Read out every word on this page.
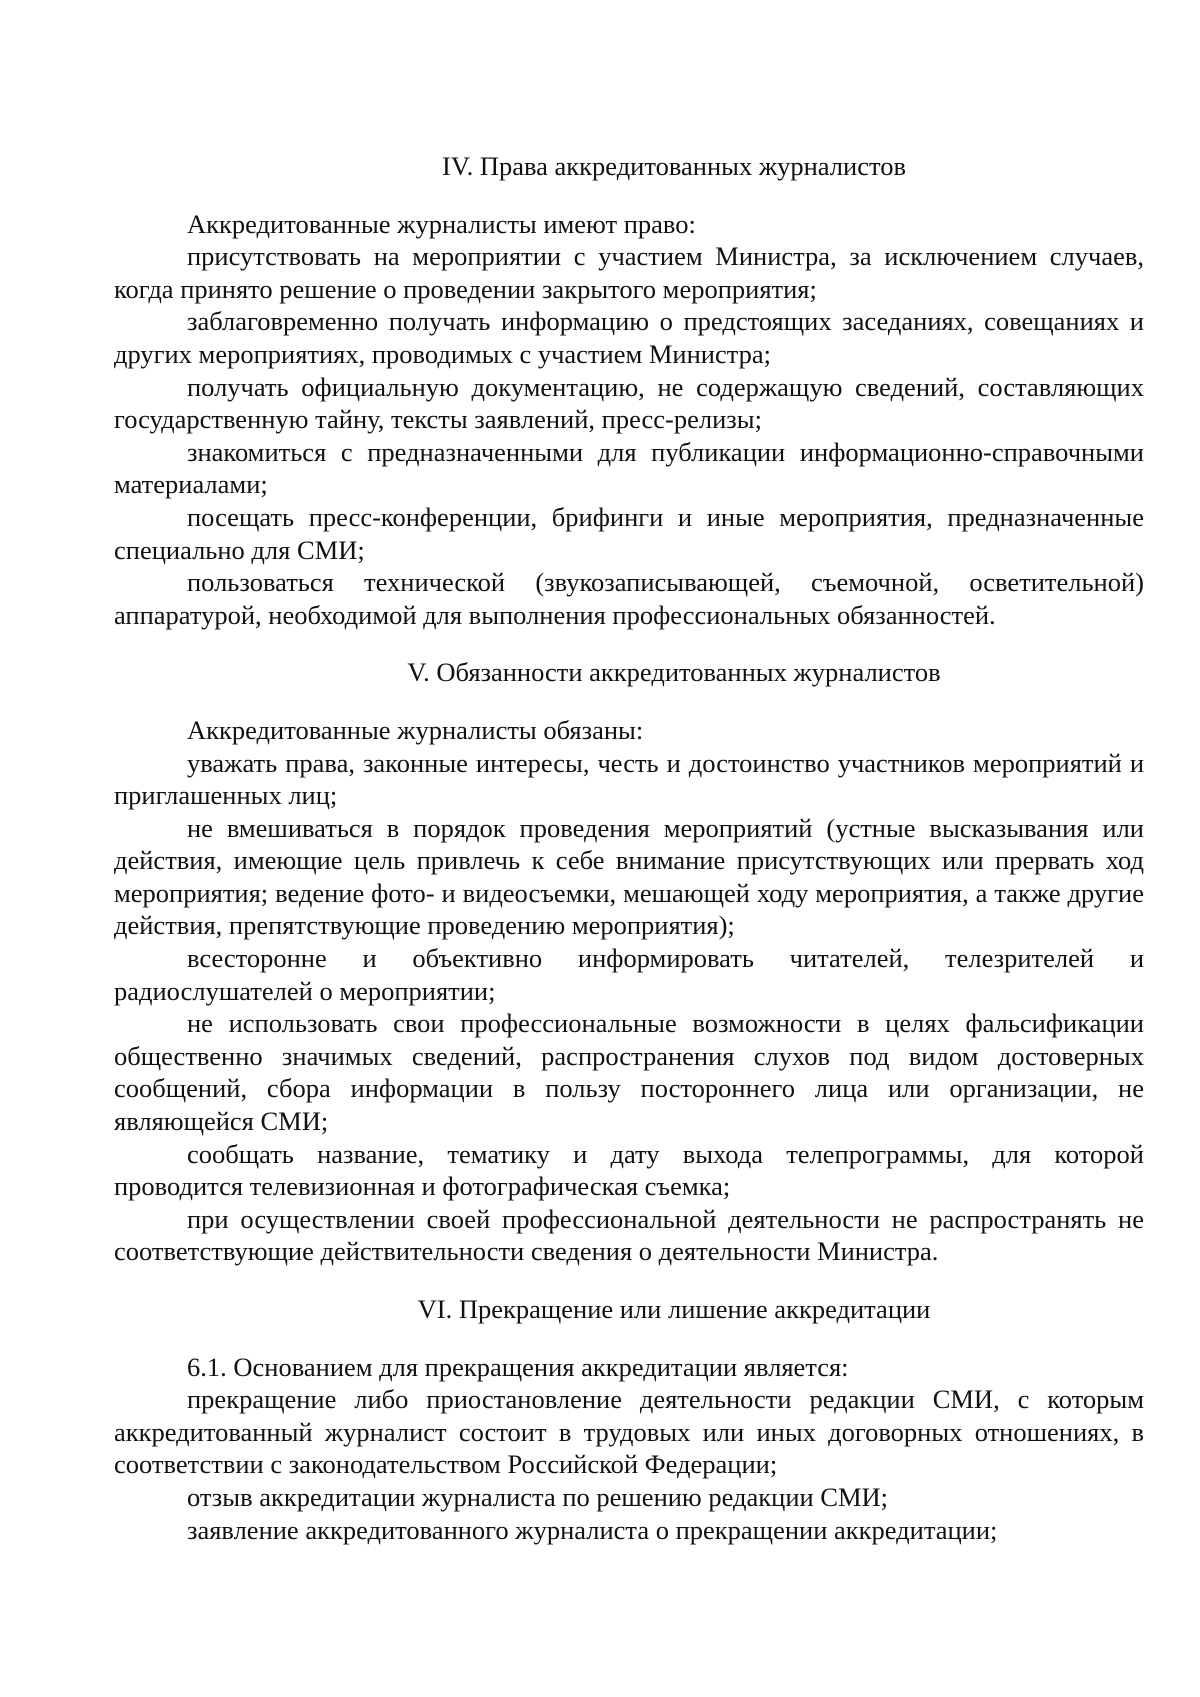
IV. Права аккредитованных журналистов

Аккредитованные журналисты имеют право:

присутствовать на мероприятии с участием Министра, за исключением случаев, когда принято решение о проведении закрытого мероприятия;

заблаговременно получать информацию о предстоящих заседаниях, совещаниях и других мероприятиях, проводимых с участием Министра;

получать официальную документацию, не содержащую сведений, составляющих государственную тайну, тексты заявлений, пресс-релизы;

знакомиться с предназначенными для публикации информационно-справочными материалами;

посещать пресс-конференции, брифинги и иные мероприятия, предназначенные специально для СМИ;

пользоваться технической (звукозаписывающей, съемочной, осветительной) аппаратурой, необходимой для выполнения профессиональных обязанностей.

V. Обязанности аккредитованных журналистов

Аккредитованные журналисты обязаны:

уважать права, законные интересы, честь и достоинство участников мероприятий и приглашенных лиц;

не вмешиваться в порядок проведения мероприятий (устные высказывания или действия, имеющие цель привлечь к себе внимание присутствующих или прервать ход мероприятия; ведение фото- и видеосъемки, мешающей ходу мероприятия, а также другие действия, препятствующие проведению мероприятия);

всесторонне и объективно информировать читателей, телезрителей и радиослушателей о мероприятии;

не использовать свои профессиональные возможности в целях фальсификации общественно значимых сведений, распространения слухов под видом достоверных сообщений, сбора информации в пользу постороннего лица или организации, не являющейся СМИ;

сообщать название, тематику и дату выхода телепрограммы, для которой проводится телевизионная и фотографическая съемка;

при осуществлении своей профессиональной деятельности не распространять не соответствующие действительности сведения о деятельности Министра.

VI. Прекращение или лишение аккредитации

6.1. Основанием для прекращения аккредитации является:

прекращение либо приостановление деятельности редакции СМИ, с которым аккредитованный журналист состоит в трудовых или иных договорных отношениях, в соответствии с законодательством Российской Федерации;

отзыв аккредитации журналиста по решению редакции СМИ;

заявление аккредитованного журналиста о прекращении аккредитации;
